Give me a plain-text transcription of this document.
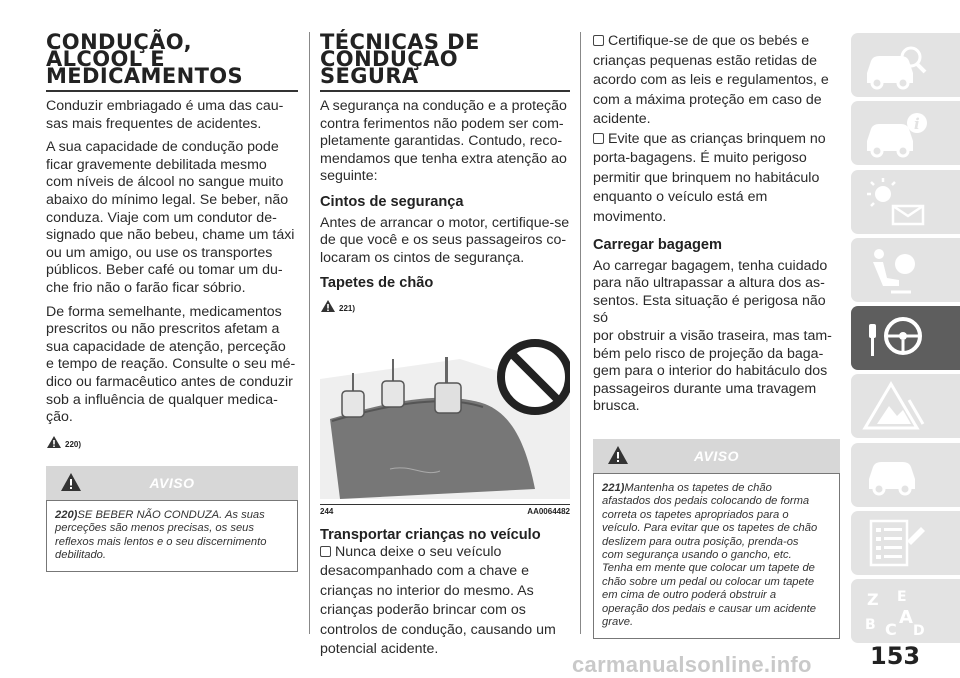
CONDUÇÃO,
ÁLCOOL E
MEDICAMENTOS
Conduzir embriagado é uma das cau-
sas mais frequentes de acidentes.
A sua capacidade de condução pode
ficar gravemente debilitada mesmo
com níveis de álcool no sangue muito
abaixo do mínimo legal. Se beber, não
conduza. Viaje com um condutor de-
signado que não bebeu, chame um táxi
ou um amigo, ou use os transportes
públicos. Beber café ou tomar um du-
che frio não o farão ficar sóbrio.
De forma semelhante, medicamentos
prescritos ou não prescritos afetam a
sua capacidade de atenção, perceção
e tempo de reação. Consulte o seu mé-
dico ou farmacêutico antes de conduzir
sob a influência de qualquer medica-
ção.
220)
AVISO
220)SE BEBER NÃO CONDUZA. As suas
perceções são menos precisas, os seus
reflexos mais lentos e o seu discernimento
debilitado.
TÉCNICAS DE
CONDUÇÃO
SEGURA
A segurança na condução e a proteção
contra ferimentos não podem ser com-
pletamente garantidas. Contudo, reco-
mendamos que tenha extra atenção ao
seguinte:
Cintos de segurança
Antes de arrancar o motor, certifique-se
de que você e os seus passageiros co-
locaram os cintos de segurança.
Tapetes de chão
221)
244	AA0064482
Transportar crianças no veículo
Nunca deixe o seu veículo
desacompanhado com a chave e
crianças no interior do mesmo. As
crianças poderão brincar com os
controlos de condução, causando um
potencial acidente.
Certifique-se de que os bebés e
crianças pequenas estão retidas de
acordo com as leis e regulamentos, e
com a máxima proteção em caso de
acidente.
Evite que as crianças brinquem no
porta-bagagens. É muito perigoso
permitir que brinquem no habitáculo
enquanto o veículo está em
movimento.
Carregar bagagem
Ao carregar bagagem, tenha cuidado
para não ultrapassar a altura dos as-
sentos. Esta situação é perigosa não só
por obstruir a visão traseira, mas tam-
bém pelo risco de projeção da baga-
gem para o interior do habitáculo dos
passageiros durante uma travagem
brusca.
AVISO
221)Mantenha os tapetes de chão
afastados dos pedais colocando de forma
correta os tapetes apropriados para o
veículo. Para evitar que os tapetes de chão
deslizem para outra posição, prenda-os
com segurança usando o gancho, etc.
Tenha em mente que colocar um tapete de
chão sobre um pedal ou colocar um tapete
em cima de outro poderá obstruir a
operação dos pedais e causar um acidente
grave.
i
Z E
B C
A
D
153
carmanualsonline.info
